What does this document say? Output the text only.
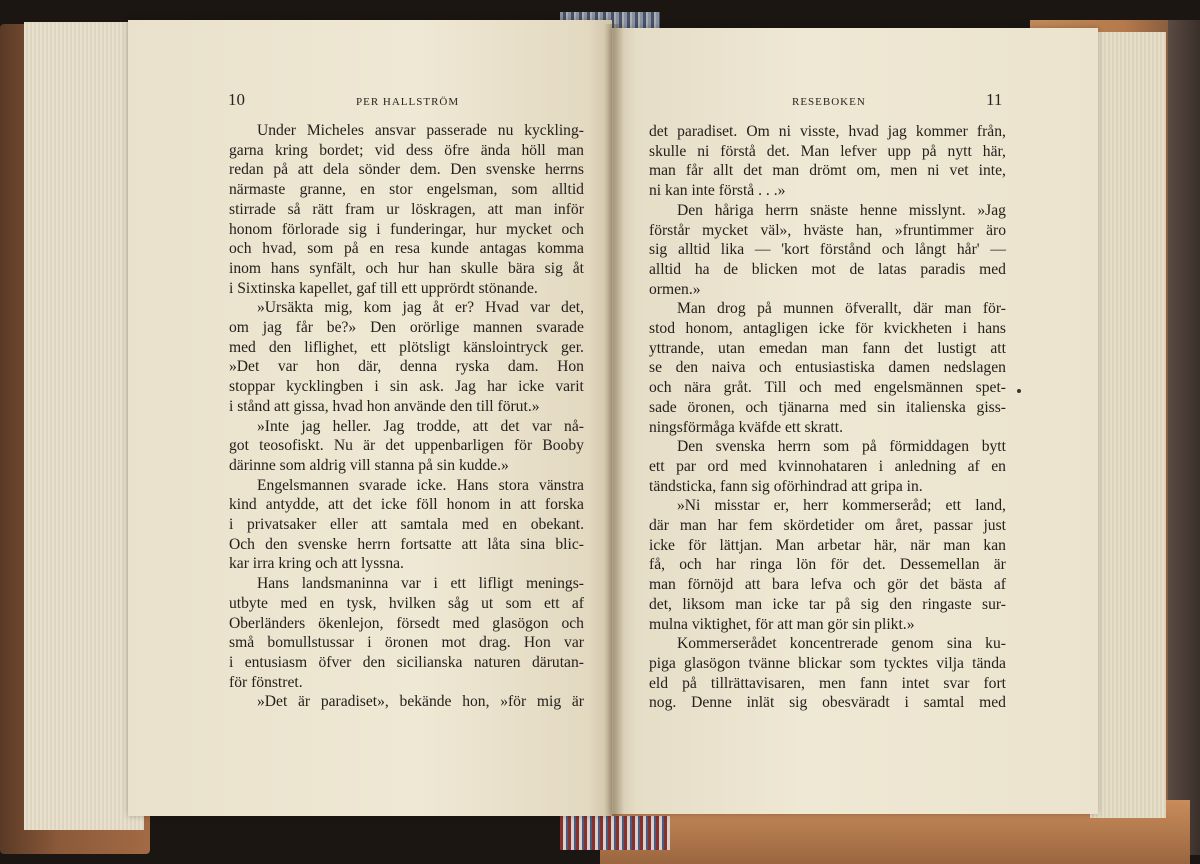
10	PER HALLSTRÖM
Under Micheles ansvar passerade nu kyckling-
garna kring bordet; vid dess öfre ända höll man
redan på att dela sönder dem. Den svenske herrns
närmaste granne, en stor engelsman, som alltid
stirrade så rätt fram ur löskragen, att man inför
honom förlorade sig i funderingar, hur mycket och
och hvad, som på en resa kunde antagas komma
inom hans synfält, och hur han skulle bära sig åt
i Sixtinska kapellet, gaf till ett upprördt stönande.
»Ursäkta mig, kom jag åt er? Hvad var det,
om jag får be?» Den orörlige mannen svarade
med den liflighet, ett plötsligt känslointryck ger.
»Det var hon där, denna ryska dam. Hon
stoppar kycklingben i sin ask. Jag har icke varit
i stånd att gissa, hvad hon använde den till förut.»
»Inte jag heller. Jag trodde, att det var nå-
got teosofiskt. Nu är det uppenbarligen för Booby
därinne som aldrig vill stanna på sin kudde.»
Engelsmannen svarade icke. Hans stora vänstra
kind antydde, att det icke föll honom in att forska
i privatsaker eller att samtala med en obekant.
Och den svenske herrn fortsatte att låta sina blic-
kar irra kring och att lyssna.
Hans landsmaninna var i ett lifligt menings-
utbyte med en tysk, hvilken såg ut som ett af
Oberländers ökenlejon, försedt med glasögon och
små bomullstussar i öronen mot drag. Hon var
i entusiasm öfver den sicilianska naturen därutan-
för fönstret.
»Det är paradiset», bekände hon, »för mig är
RESEBOKEN	11
det paradiset. Om ni visste, hvad jag kommer från,
skulle ni förstå det. Man lefver upp på nytt här,
man får allt det man drömt om, men ni vet inte,
ni kan inte förstå . . .»
Den håriga herrn snäste henne misslynt. »Jag
förstår mycket väl», hväste han, »fruntimmer äro
sig alltid lika — 'kort förstånd och långt hår' —
alltid ha de blicken mot de latas paradis med
ormen.»
Man drog på munnen öfverallt, där man för-
stod honom, antagligen icke för kvickheten i hans
yttrande, utan emedan man fann det lustigt att
se den naiva och entusiastiska damen nedslagen
och nära gråt. Till och med engelsmännen spet-
sade öronen, och tjänarna med sin italienska giss-
ningsförmåga kväfde ett skratt.
Den svenska herrn som på förmiddagen bytt
ett par ord med kvinnohataren i anledning af en
tändsticka, fann sig oförhindrad att gripa in.
»Ni misstar er, herr kommerseråd; ett land,
där man har fem skördetider om året, passar just
icke för lättjan. Man arbetar här, när man kan
få, och har ringa lön för det. Dessemellan är
man förnöjd att bara lefva och gör det bästa af
det, liksom man icke tar på sig den ringaste sur-
mulna viktighet, för att man gör sin plikt.»
Kommerserådet koncentrerade genom sina ku-
piga glasögon tvänne blickar som tycktes vilja tända
eld på tillrättavisaren, men fann intet svar fort
nog. Denne inlät sig obesväradt i samtal med
